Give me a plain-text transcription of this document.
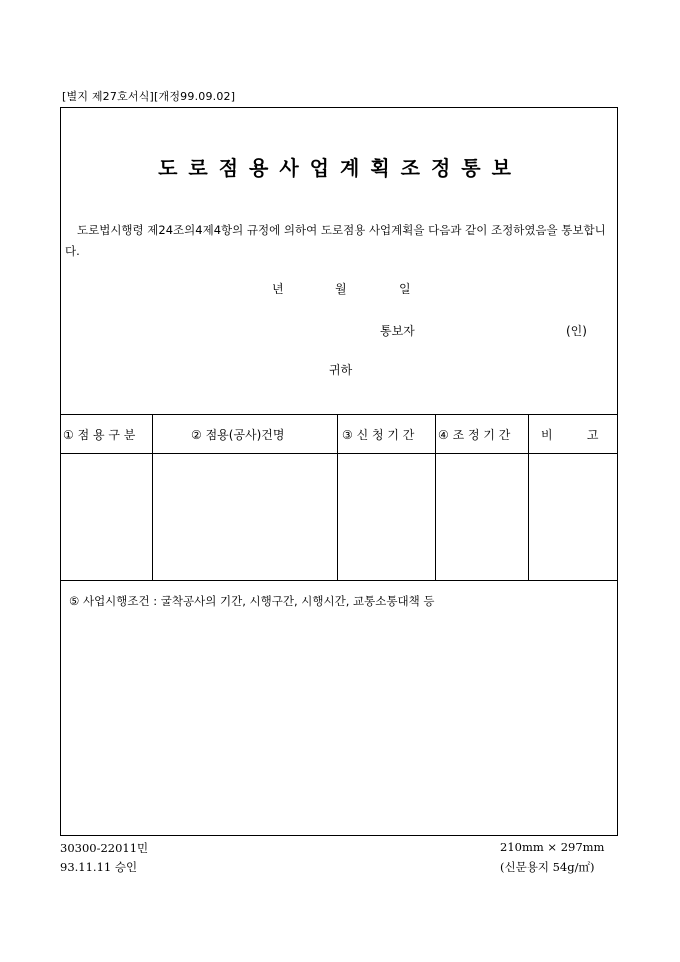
[별지 제27호서식][개정99.09.02]
도로점용사업계획조정통보
도로법시행령 제24조의4제4항의 규정에 의하여 도로점용 사업계획을 다음과 같이 조정하였음을 통보합니다.
년	월	일
통보자	(인)
귀하
① 점 용 구 분	② 점용(공사)건명	③ 신 청 기 간 ④ 조 정 기 간	비         고
⑤ 사업시행조건 : 굴착공사의 기간, 시행구간, 시행시간, 교통소통대책 등
30300-22011민
93.11.11 승인
210mm × 297mm
(신문용지 54g/㎡)
